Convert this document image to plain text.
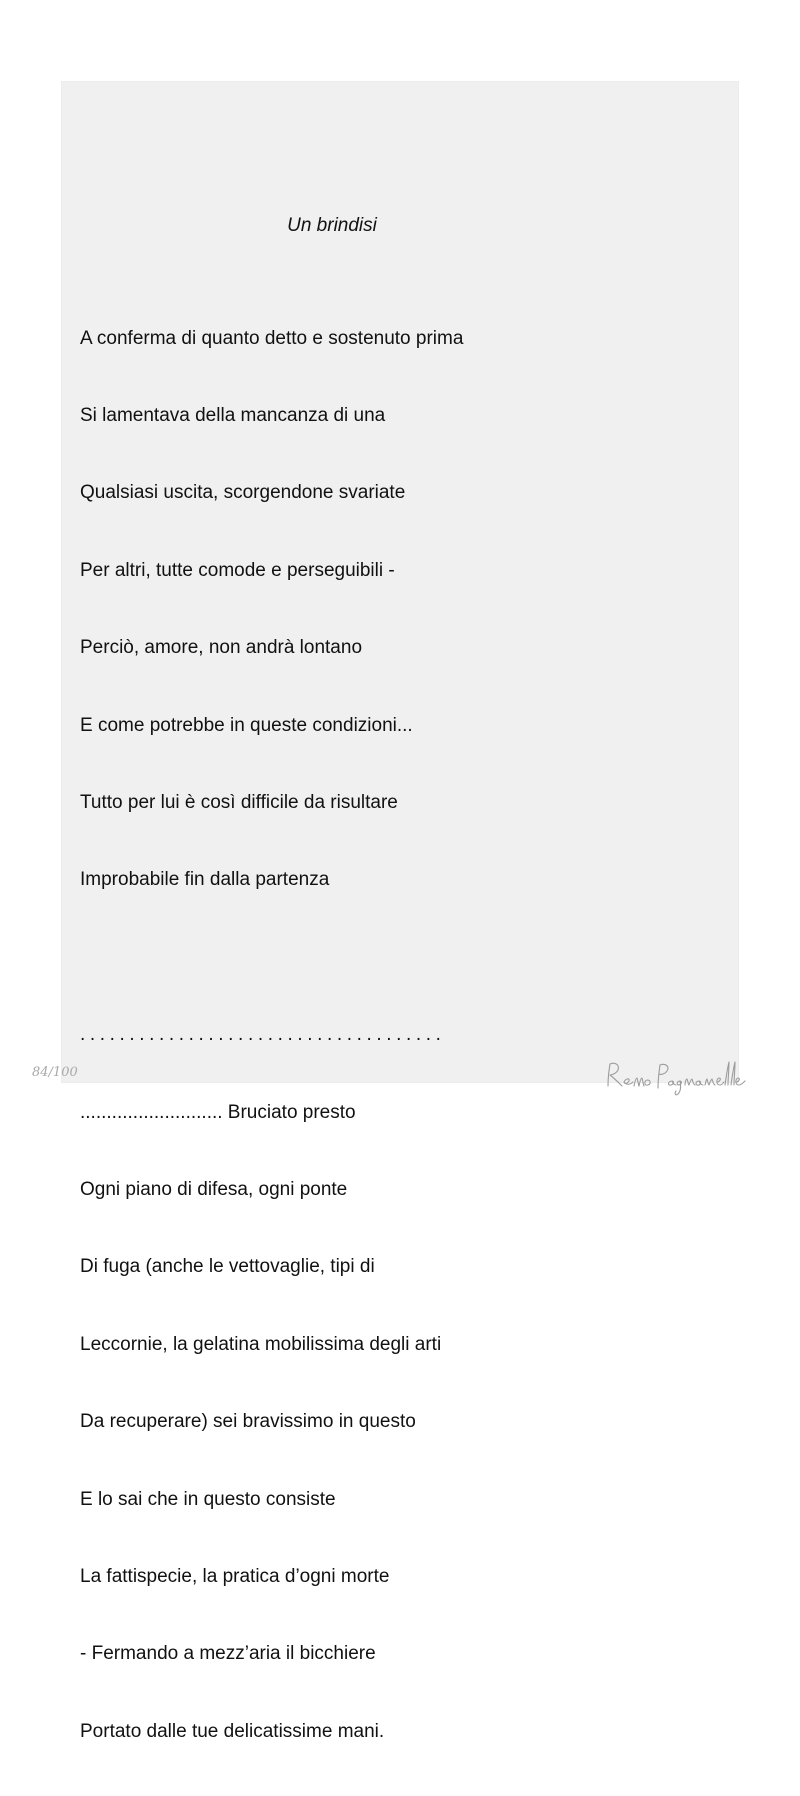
Un brindisi

A conferma di quanto detto e sostenuto prima

Si lamentava della mancanza di una

Qualsiasi uscita, scorgendone svariate

Per altri, tutte comode e perseguibili -

Perciò, amore, non andrà lontano

E come potrebbe in queste condizioni...

Tutto per lui è così difficile da risultare

Improbabile fin dalla partenza

.....................................

........................... Bruciato presto

Ogni piano di difesa, ogni ponte

Di fuga (anche le vettovaglie, tipi di

Leccornie, la gelatina mobilissima degli arti

Da recuperare) sei bravissimo in questo

E lo sai che in questo consiste

La fattispecie, la pratica d’ogni morte

- Fermando a mezz’aria il bicchiere

Portato dalle tue delicatissime mani.

84/100
